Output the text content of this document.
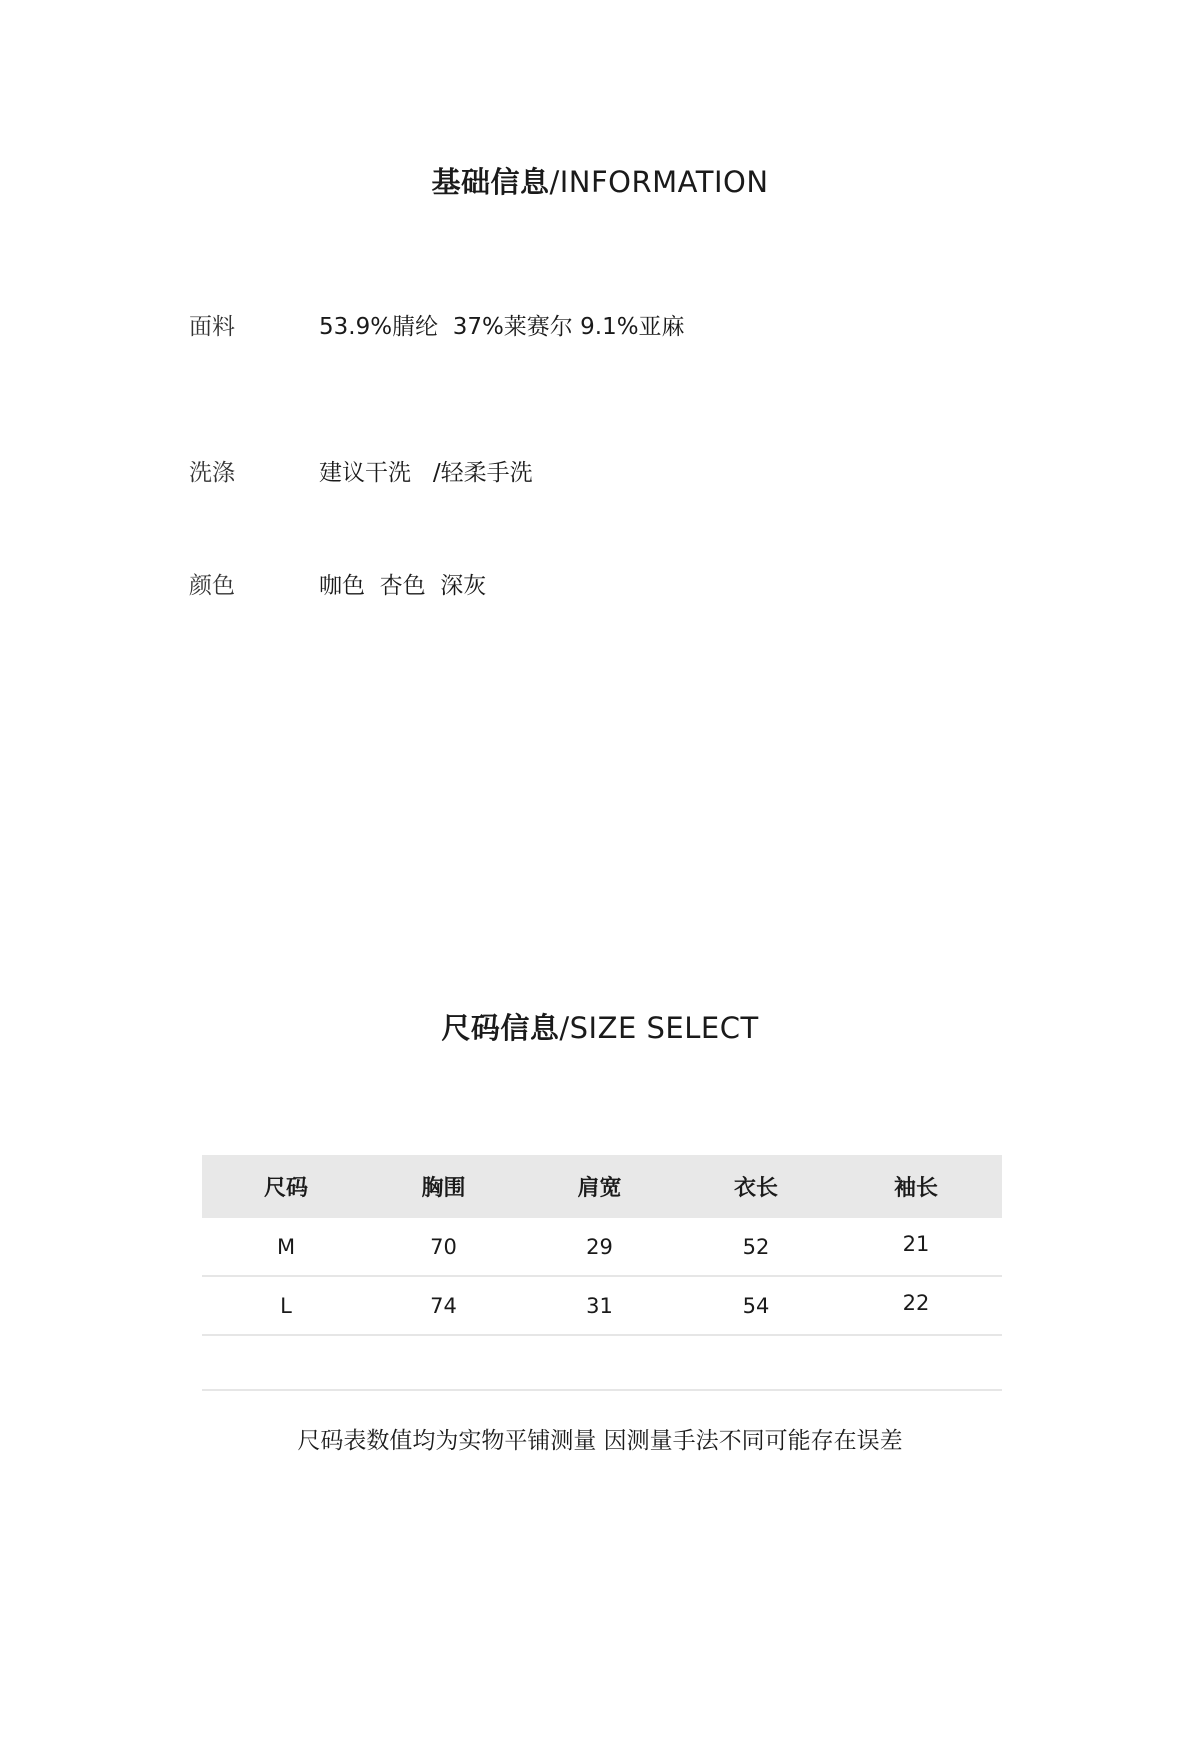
基础信息/INFORMATION
面料	53.9%腈纶  37%莱赛尔 9.1%亚麻
洗涤	建议干洗   /轻柔手洗
颜色	咖色  杏色  深灰
尺码信息/SIZE SELECT
尺码	胸围	肩宽	衣长	袖长
M	70	29	52	21
L	74	31	54	22
尺码表数值均为实物平铺测量 因测量手法不同可能存在误差
